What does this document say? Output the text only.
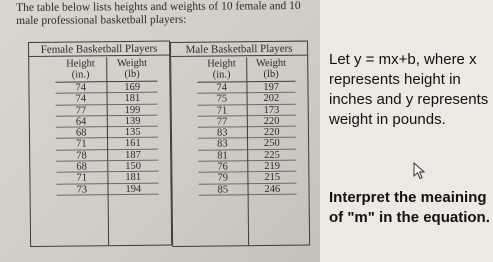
The table below lists heights and weights of 10 female and 10 male professional basketball players:
Female Basketball Players
Height
(in.)
74
74
77
64
68
71
78
68
71
73
Weight
(lb)
169
181
199
139
135
161
187
150
181
194
Male Basketball Players
Height
(in.)
74
75
71
77
83
83
81
76
79
85
Weight
(lb)
197
202
173
220
220
250
225
219
215
246
Let y = mx+b, where x represents height in inches and y represents weight in pounds.
Interpret the meaining of "m" in the equation.
